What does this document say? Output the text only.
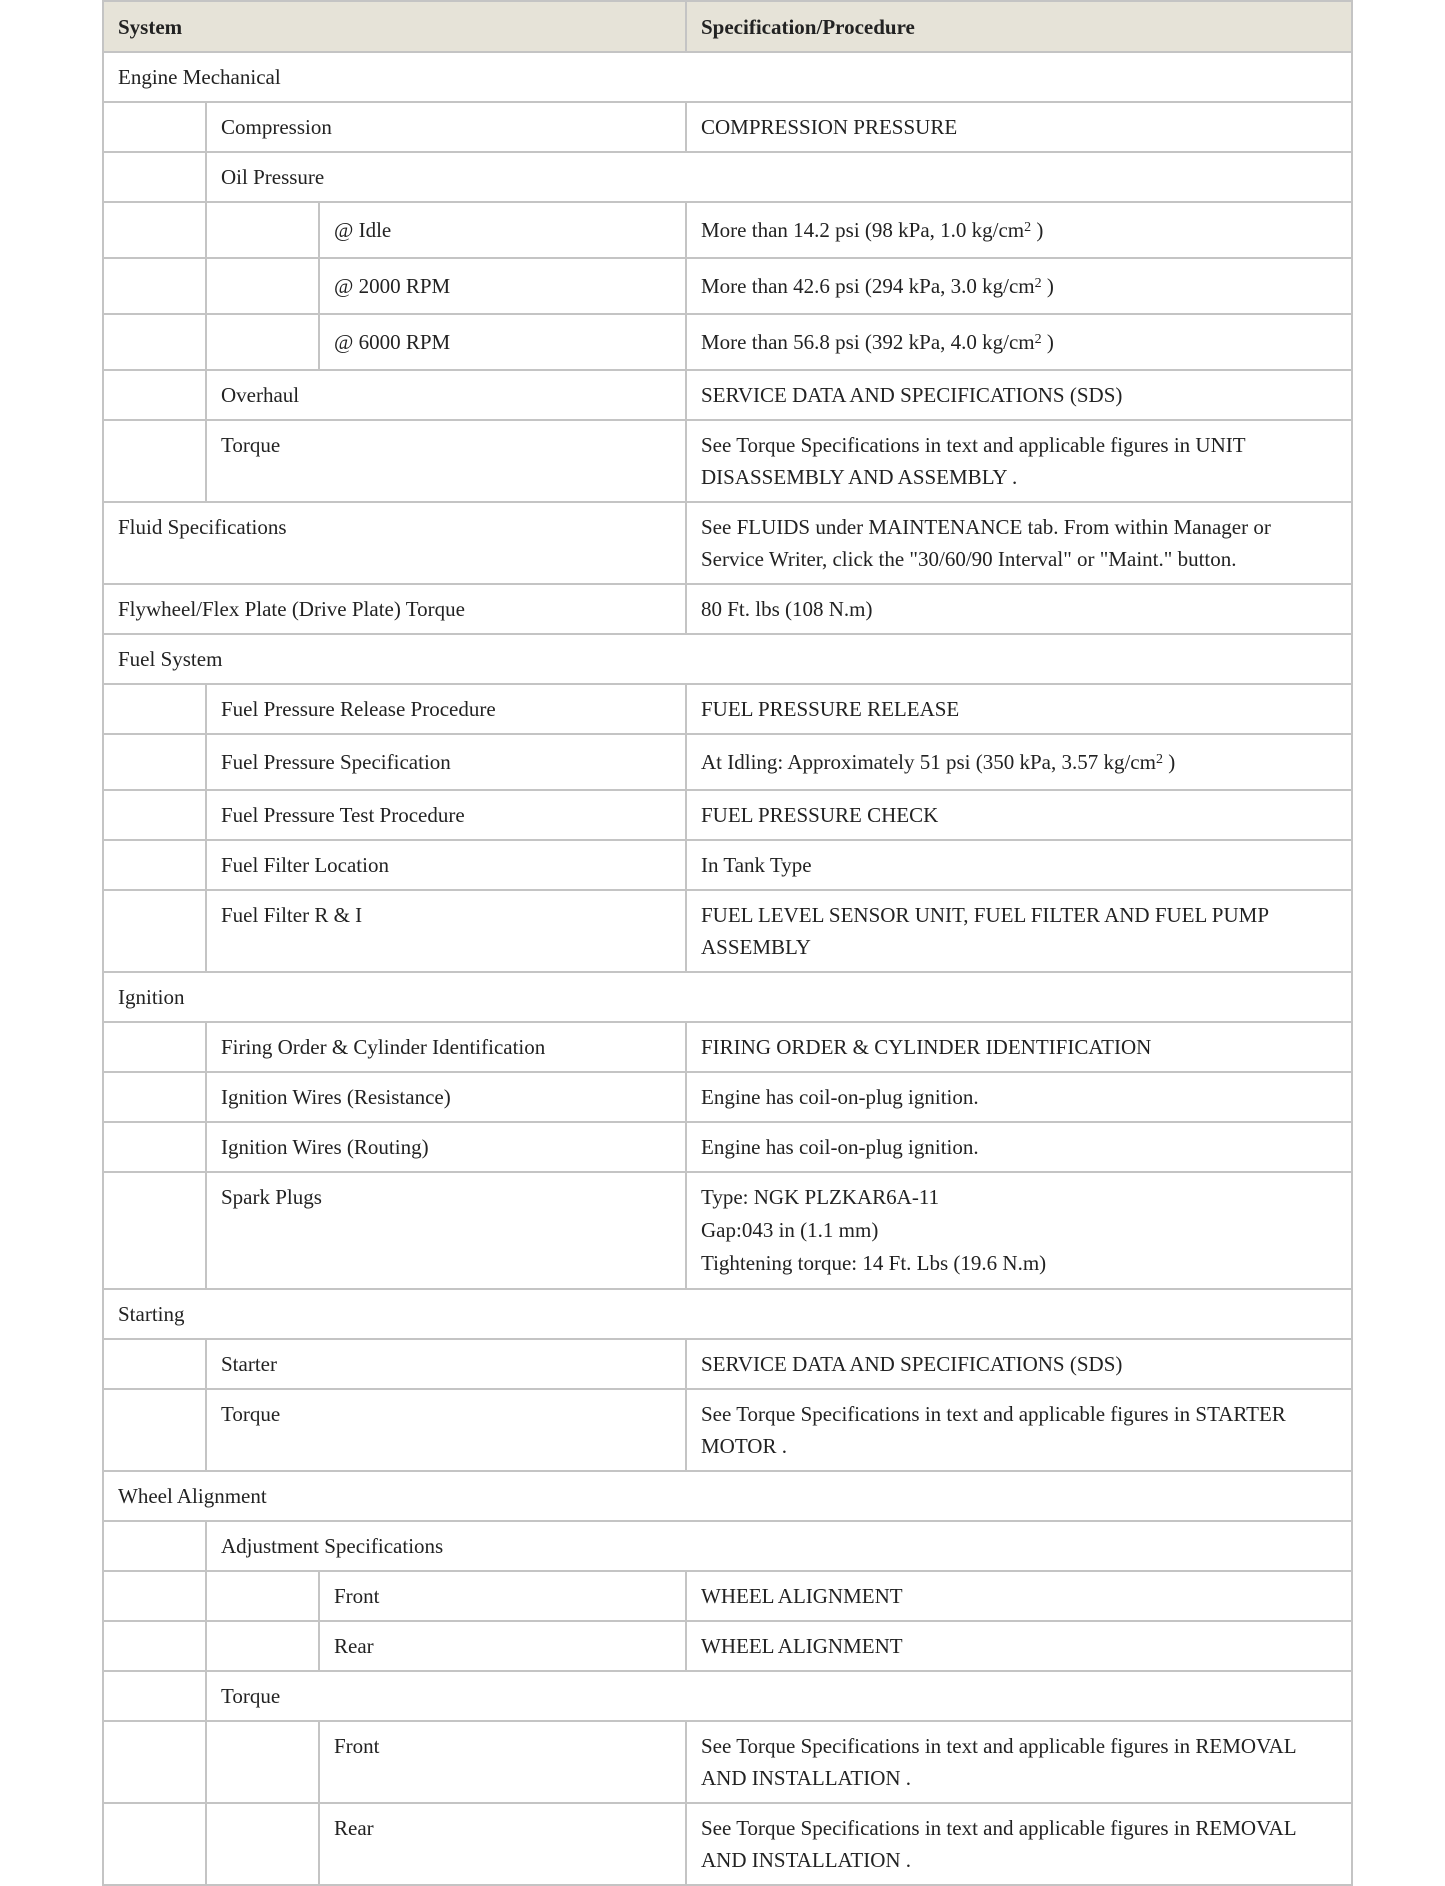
System			Specification/Procedure
Engine Mechanical			
	Compression		COMPRESSION PRESSURE
	Oil Pressure		
		@ Idle	More than 14.2 psi (98 kPa, 1.0 $kg/cm^2$ )
		@ 2000 RPM	More than 42.6 psi (294 kPa, 3.0 $kg/cm^2$ )
		@ 6000 RPM	More than 56.8 psi (392 kPa, 4.0 $kg/cm^2$ )
	Overhaul		SERVICE DATA AND SPECIFICATIONS (SDS)
	Torque		See Torque Specifications in text and applicable figures in UNIT DISASSEMBLY AND ASSEMBLY .
Fluid Specifications			See FLUIDS under MAINTENANCE tab. From within Manager or Service Writer, click the "30/60/90 Interval" or "Maint." button.
Flywheel/Flex Plate (Drive Plate) Torque			80 Ft. lbs (108 N.m)
Fuel System			
	Fuel Pressure Release Procedure		FUEL PRESSURE RELEASE
	Fuel Pressure Specification		At Idling: Approximately 51 psi (350 kPa, 3.57 $kg/cm^2$ )
	Fuel Pressure Test Procedure		FUEL PRESSURE CHECK
	Fuel Filter Location		In Tank Type
	Fuel Filter R & I		FUEL LEVEL SENSOR UNIT, FUEL FILTER AND FUEL PUMP ASSEMBLY
Ignition			
	Firing Order & Cylinder Identification		FIRING ORDER & CYLINDER IDENTIFICATION
	Ignition Wires (Resistance)		Engine has coil-on-plug ignition.
	Ignition Wires (Routing)		Engine has coil-on-plug ignition.
	Spark Plugs		Type: NGK PLZKAR6A-11
Gap:043 in (1.1 mm)
Tightening torque: 14 Ft. Lbs (19.6 N.m)

Starting			
	Starter		SERVICE DATA AND SPECIFICATIONS (SDS)
	Torque		See Torque Specifications in text and applicable figures in STARTER MOTOR .
Wheel Alignment			
	Adjustment Specifications		
		Front	WHEEL ALIGNMENT
		Rear	WHEEL ALIGNMENT
	Torque		
		Front	See Torque Specifications in text and applicable figures in REMOVAL AND INSTALLATION .
		Rear	See Torque Specifications in text and applicable figures in REMOVAL AND INSTALLATION .
